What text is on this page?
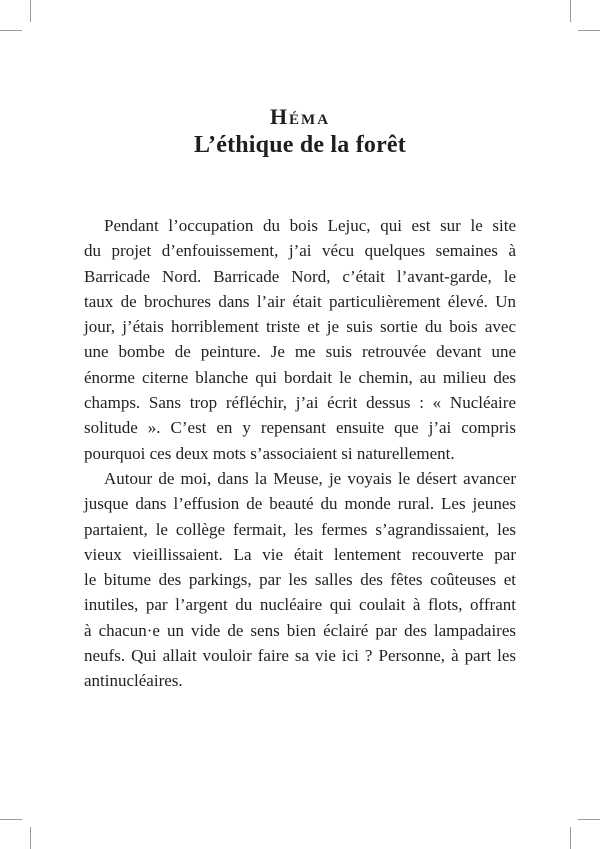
Héma
L’éthique de la forêt
Pendant l’occupation du bois Lejuc, qui est sur le site
du projet d’enfouissement, j’ai vécu quelques semaines à
Barricade Nord. Barricade Nord, c’était l’avant-garde, le
taux de brochures dans l’air était particulièrement élevé. Un
jour, j’étais horriblement triste et je suis sortie du bois avec
une bombe de peinture. Je me suis retrouvée devant une
énorme citerne blanche qui bordait le chemin, au milieu des
champs. Sans trop réfléchir, j’ai écrit dessus : « Nucléaire
solitude ». C’est en y repensant ensuite que j’ai compris
pourquoi ces deux mots s’associaient si naturellement.
Autour de moi, dans la Meuse, je voyais le désert avancer
jusque dans l’effusion de beauté du monde rural. Les jeunes
partaient, le collège fermait, les fermes s’agrandissaient, les
vieux vieillissaient. La vie était lentement recouverte par
le bitume des parkings, par les salles des fêtes coûteuses et
inutiles, par l’argent du nucléaire qui coulait à flots, offrant
à chacun·e un vide de sens bien éclairé par des lampadaires
neufs. Qui allait vouloir faire sa vie ici ? Personne, à part les
antinucléaires.
